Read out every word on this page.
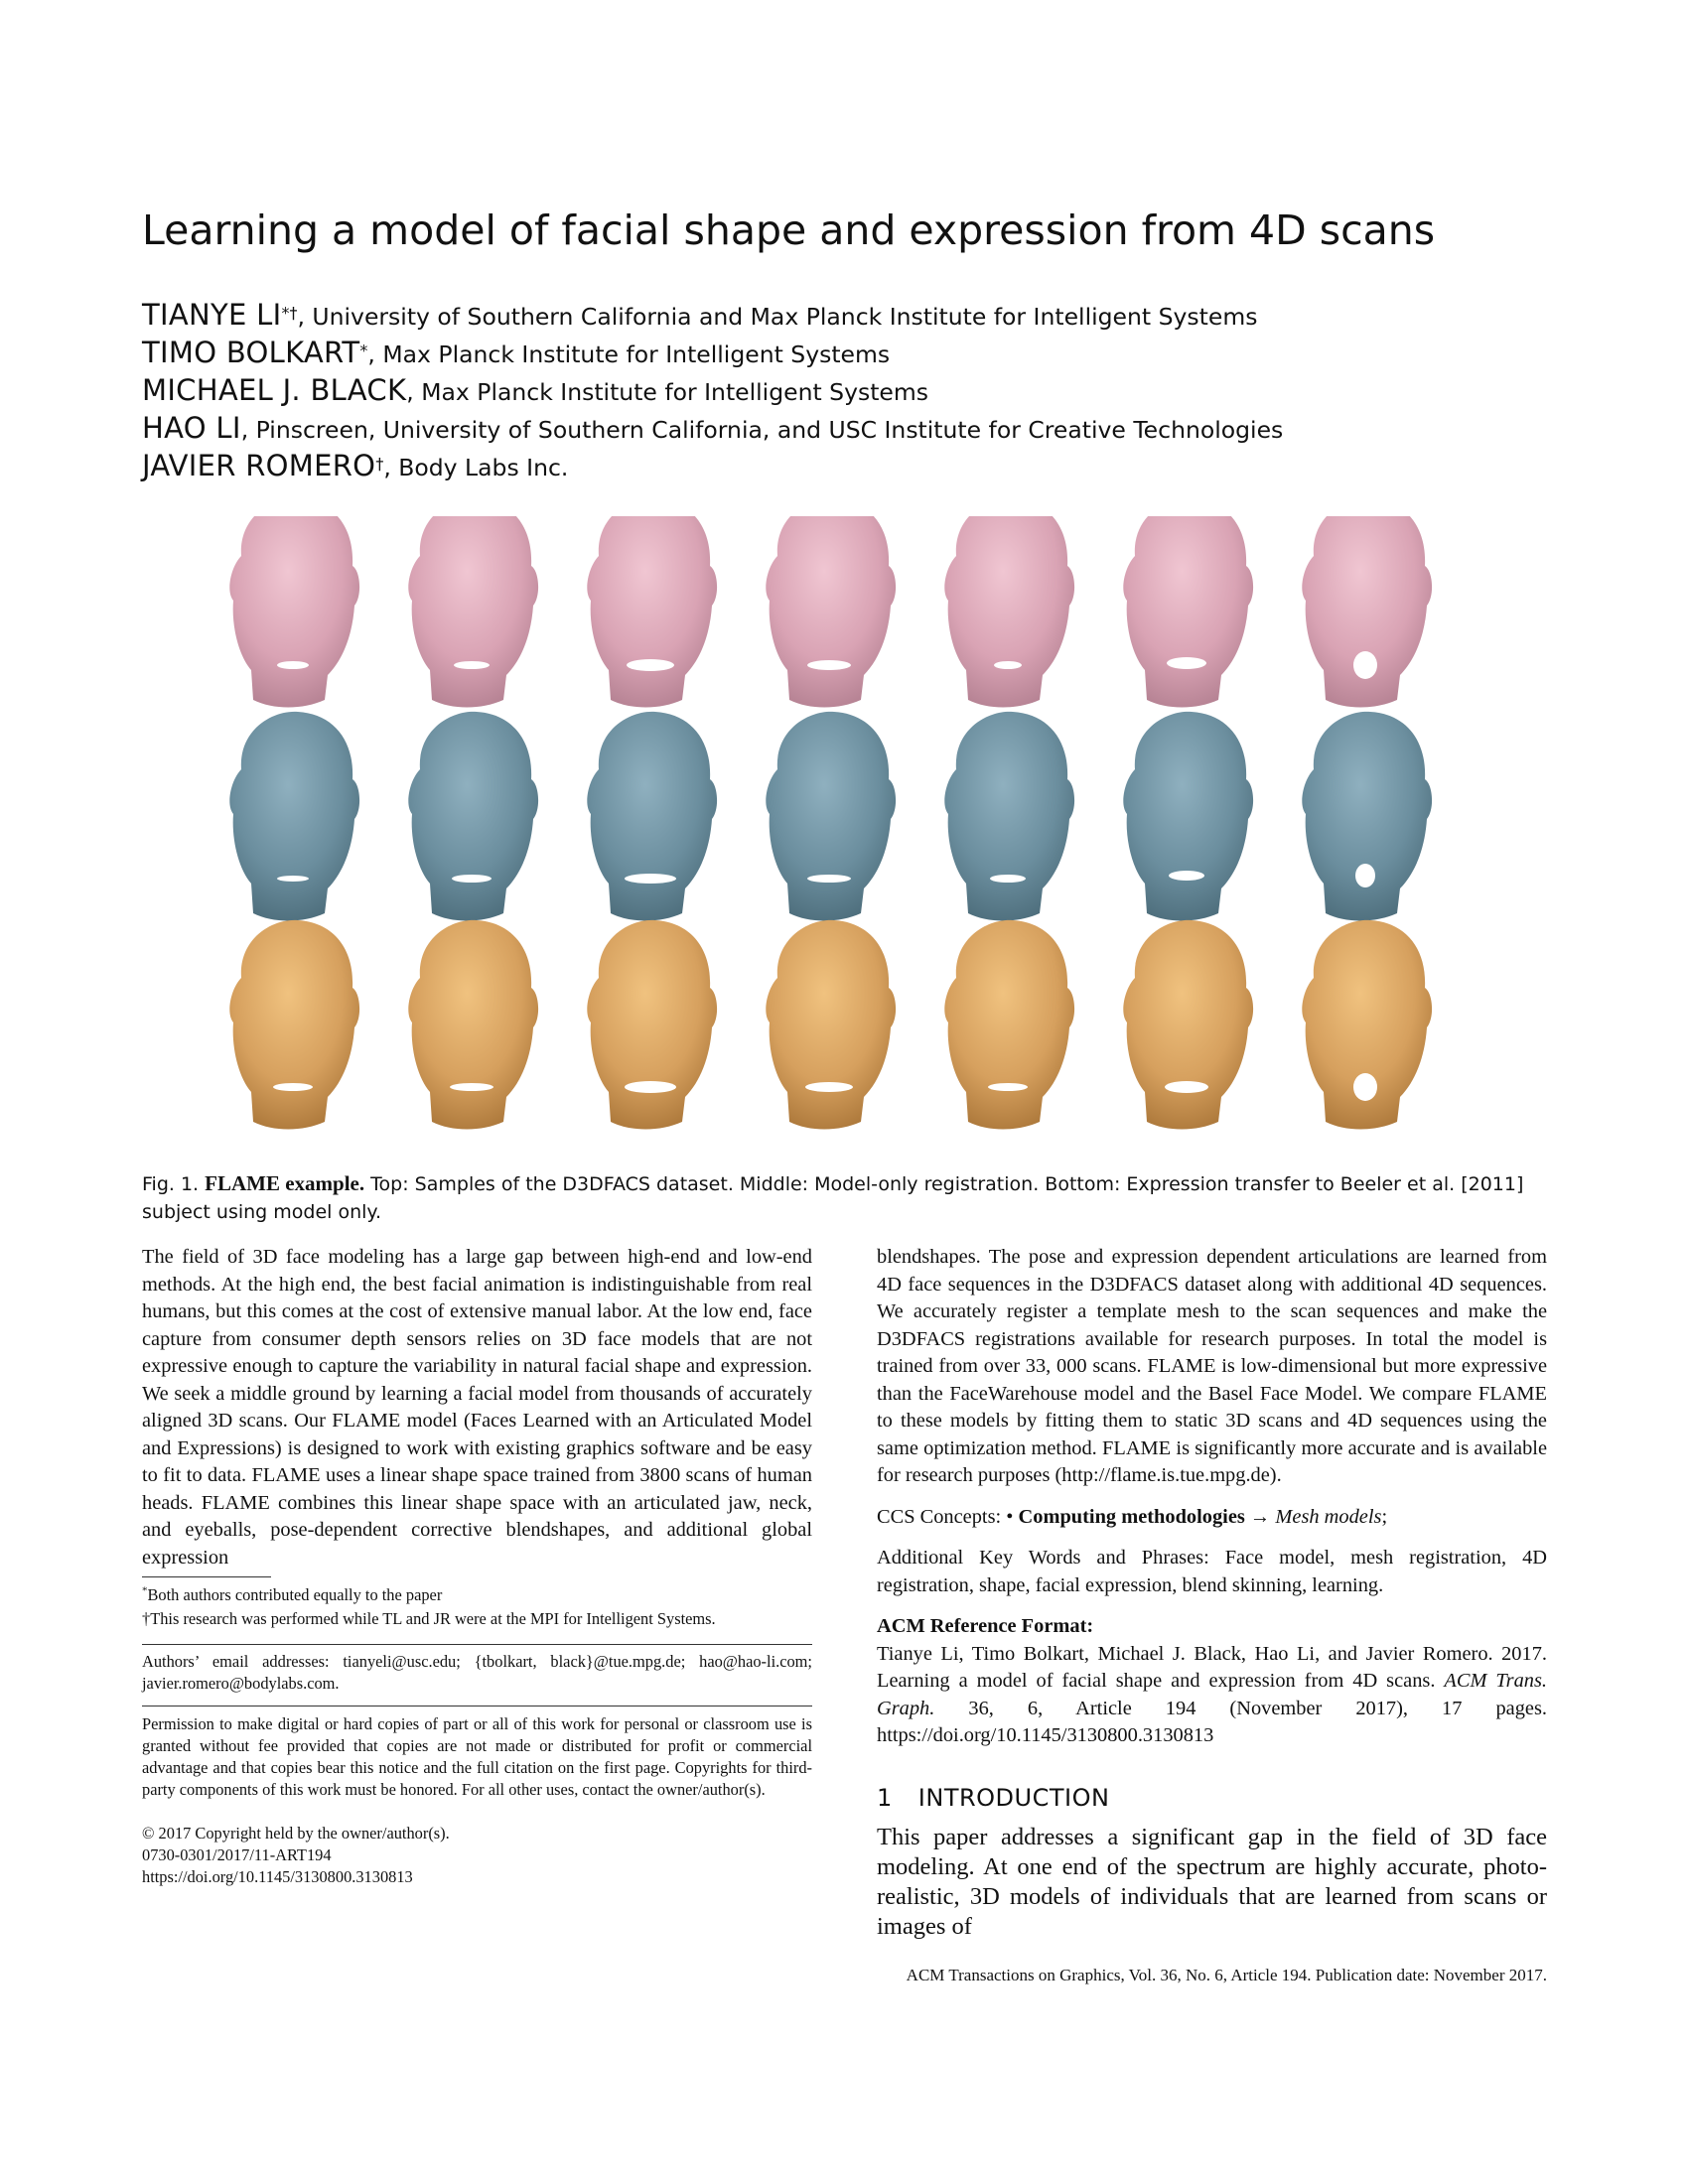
Learning a model of facial shape and expression from 4D scans
TIANYE LI*†, University of Southern California and Max Planck Institute for Intelligent Systems
TIMO BOLKART*, Max Planck Institute for Intelligent Systems
MICHAEL J. BLACK, Max Planck Institute for Intelligent Systems
HAO LI, Pinscreen, University of Southern California, and USC Institute for Creative Technologies
JAVIER ROMERO†, Body Labs Inc.
Fig. 1. FLAME example. Top: Samples of the D3DFACS dataset. Middle: Model-only registration. Bottom: Expression transfer to Beeler et al. [2011] subject using model only.
The field of 3D face modeling has a large gap between high-end and low-end methods. At the high end, the best facial animation is indistinguishable from real humans, but this comes at the cost of extensive manual labor. At the low end, face capture from consumer depth sensors relies on 3D face models that are not expressive enough to capture the variability in natural facial shape and expression. We seek a middle ground by learning a facial model from thousands of accurately aligned 3D scans. Our FLAME model (Faces Learned with an Articulated Model and Expressions) is designed to work with existing graphics software and be easy to fit to data. FLAME uses a linear shape space trained from 3800 scans of human heads. FLAME combines this linear shape space with an articulated jaw, neck, and eyeballs, pose-dependent corrective blendshapes, and additional global expression
*Both authors contributed equally to the paper
†This research was performed while TL and JR were at the MPI for Intelligent Systems.
Authors’ email addresses: tianyeli@usc.edu; {tbolkart, black}@tue.mpg.de; hao@hao-li.com; javier.romero@bodylabs.com.
Permission to make digital or hard copies of part or all of this work for personal or classroom use is granted without fee provided that copies are not made or distributed for profit or commercial advantage and that copies bear this notice and the full citation on the first page. Copyrights for third-party components of this work must be honored. For all other uses, contact the owner/author(s).
© 2017 Copyright held by the owner/author(s).
0730-0301/2017/11-ART194
https://doi.org/10.1145/3130800.3130813

blendshapes. The pose and expression dependent articulations are learned from 4D face sequences in the D3DFACS dataset along with additional 4D sequences. We accurately register a template mesh to the scan sequences and make the D3DFACS registrations available for research purposes. In total the model is trained from over 33, 000 scans. FLAME is low-dimensional but more expressive than the FaceWarehouse model and the Basel Face Model. We compare FLAME to these models by fitting them to static 3D scans and 4D sequences using the same optimization method. FLAME is significantly more accurate and is available for research purposes (http://flame.is.tue.mpg.de).

CCS Concepts: • Computing methodologies → Mesh models;

Additional Key Words and Phrases: Face model, mesh registration, 4D registration, shape, facial expression, blend skinning, learning.

ACM Reference Format:

Tianye Li, Timo Bolkart, Michael J. Black, Hao Li, and Javier Romero. 2017. Learning a model of facial shape and expression from 4D scans. ACM Trans. Graph. 36, 6, Article 194 (November 2017), 17 pages. https://doi.org/10.1145/3130800.3130813

1 INTRODUCTION
This paper addresses a significant gap in the field of 3D face modeling. At one end of the spectrum are highly accurate, photo-realistic, 3D models of individuals that are learned from scans or images of
ACM Transactions on Graphics, Vol. 36, No. 6, Article 194. Publication date: November 2017.
